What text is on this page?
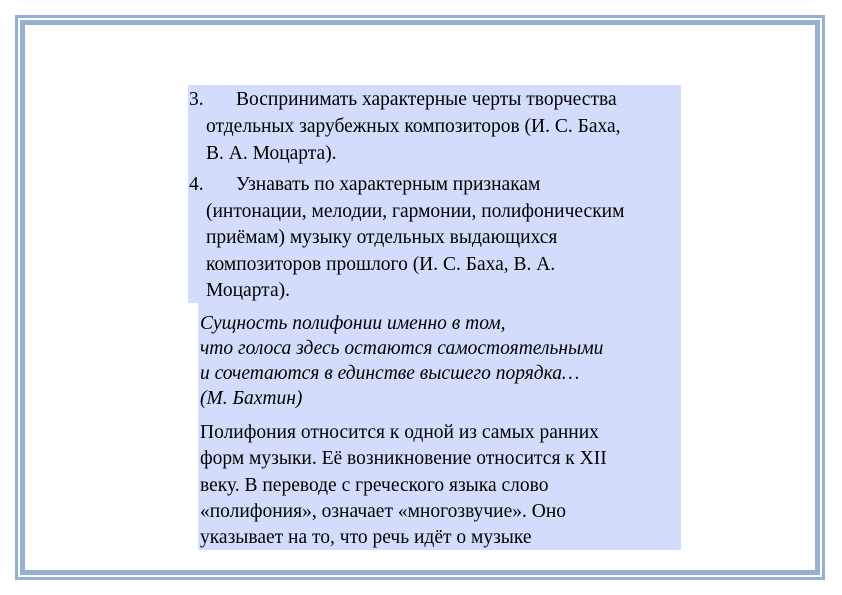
3. Воспринимать характерные черты творчества
отдельных зарубежных композиторов (И. С. Баха,
В. А. Моцарта).
4. Узнавать по характерным признакам
(интонации, мелодии, гармонии, полифоническим
приёмам) музыку отдельных выдающихся
композиторов прошлого (И. С. Баха, В. А.
Моцарта).
Сущность полифонии именно в том,
что голоса здесь остаются самостоятельными
и сочетаются в единстве высшего порядка…
(М. Бахтин)
Полифония относится к одной из самых ранних
форм музыки. Её возникновение относится к XII
веку. В переводе с греческого языка слово
«полифония», означает «многозвучие». Оно
указывает на то, что речь идёт о музыке
